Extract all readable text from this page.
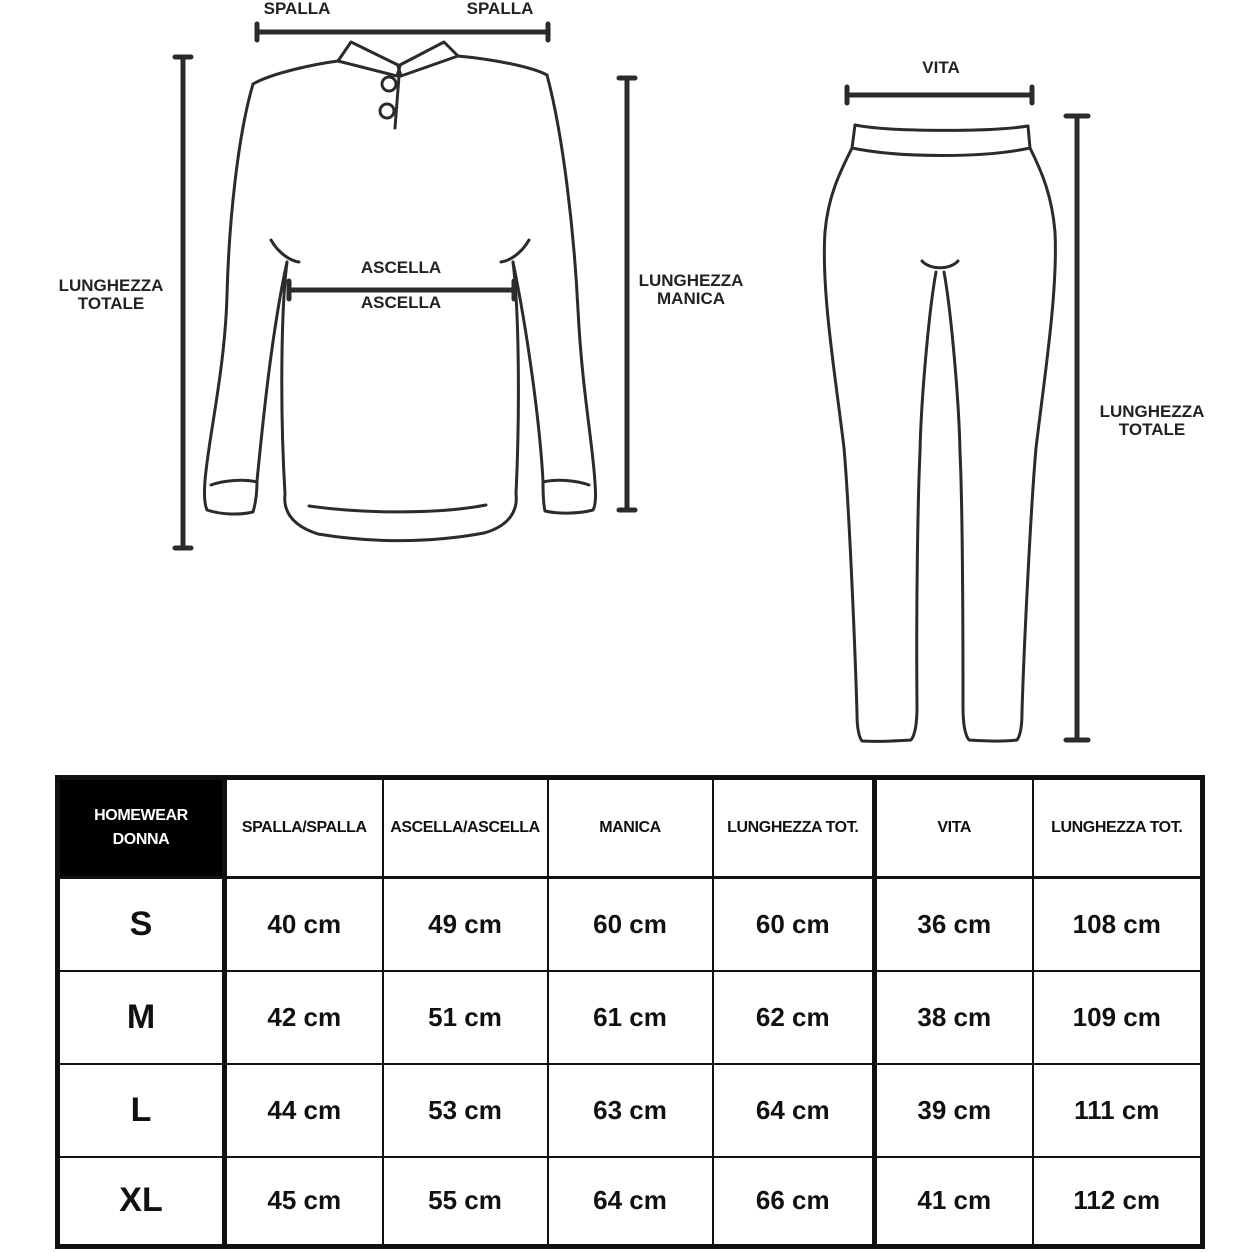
SPALLA	SPALLA
ASCELLA
ASCELLA
LUNGHEZZA TOTALE
LUNGHEZZA MANICA
VITA
LUNGHEZZA TOTALE
HOMEWEAR DONNA	SPALLA/SPALLA	ASCELLA/ASCELLA	MANICA	LUNGHEZZA TOT.	VITA	LUNGHEZZA TOT.
S	40 cm	49 cm	60 cm	60 cm	36 cm	108 cm
M	42 cm	51 cm	61 cm	62 cm	38 cm	109 cm
L	44 cm	53 cm	63 cm	64 cm	39 cm	111 cm
XL	45 cm	55 cm	64 cm	66 cm	41 cm	112 cm
